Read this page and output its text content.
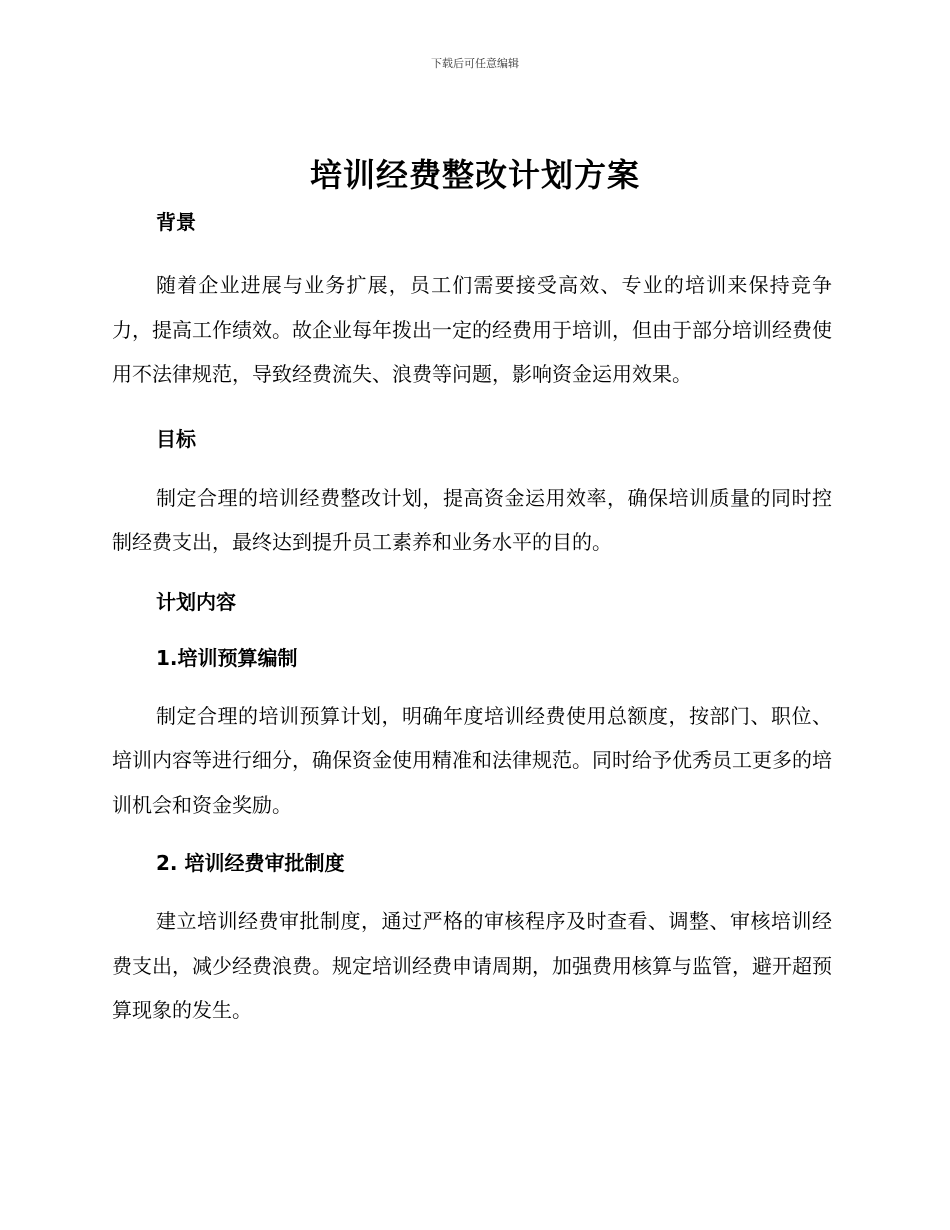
下载后可任意编辑
培训经费整改计划方案

背景

随着企业进展与业务扩展，员工们需要接受高效、专业的培训来保持竞争力，提高工作绩效。故企业每年拨出一定的经费用于培训，但由于部分培训经费使用不法律规范，导致经费流失、浪费等问题，影响资金运用效果。

目标

制定合理的培训经费整改计划，提高资金运用效率，确保培训质量的同时控制经费支出，最终达到提升员工素养和业务水平的目的。

计划内容

1.培训预算编制

制定合理的培训预算计划，明确年度培训经费使用总额度，按部门、职位、培训内容等进行细分，确保资金使用精准和法律规范。同时给予优秀员工更多的培训机会和资金奖励。

2. 培训经费审批制度

建立培训经费审批制度，通过严格的审核程序及时查看、调整、审核培训经费支出，减少经费浪费。规定培训经费申请周期，加强费用核算与监管，避开超预算现象的发生。
